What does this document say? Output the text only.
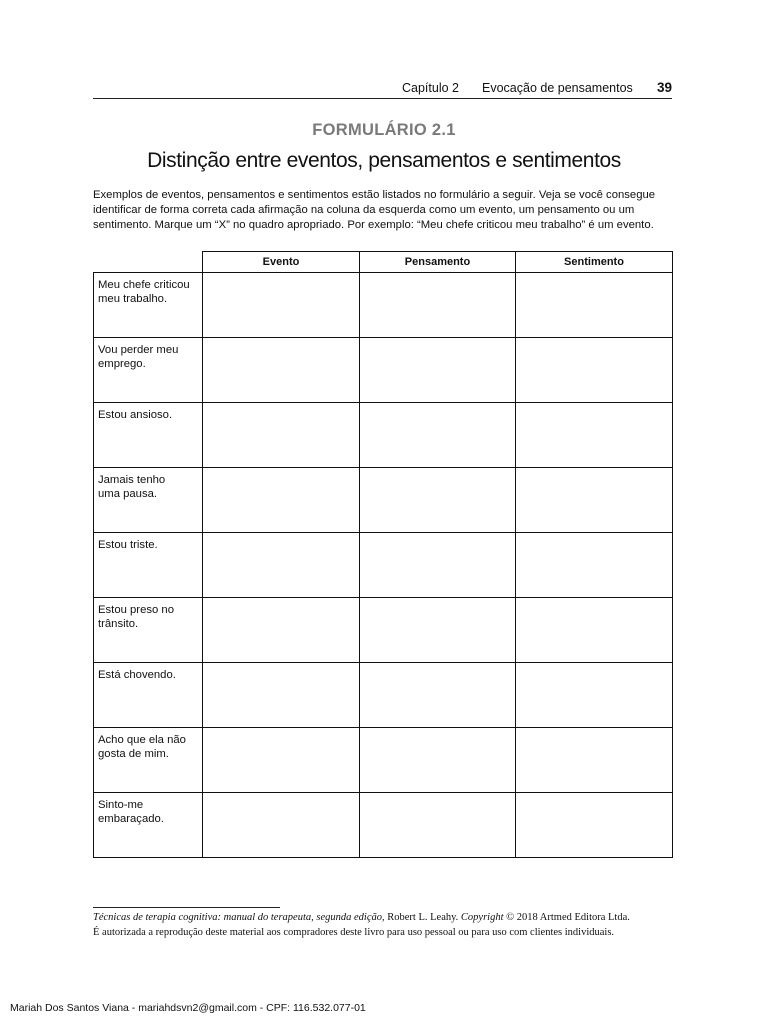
Capítulo 2 Evocação de pensamentos 39
FORMULÁRIO 2.1
Distinção entre eventos, pensamentos e sentimentos
Exemplos de eventos, pensamentos e sentimentos estão listados no formulário a seguir. Veja se você consegue
identificar de forma correta cada afirmação na coluna da esquerda como um evento, um pensamento ou um
sentimento. Marque um “X” no quadro apropriado. Por exemplo: “Meu chefe criticou meu trabalho” é um evento.
	Evento	Pensamento	Sentimento

Meu chefe criticou
meu trabalho.			

Vou perder meu
emprego.			

Estou ansioso.			

Jamais tenho
uma pausa.			

Estou triste.			

Estou preso no
trânsito.			

Está chovendo.			

Acho que ela não
gosta de mim.			

Sinto-me
embaraçado.			

Técnicas de terapia cognitiva: manual do terapeuta, segunda edição, Robert L. Leahy. Copyright © 2018 Artmed Editora Ltda.
É autorizada a reprodução deste material aos compradores deste livro para uso pessoal ou para uso com clientes individuais.
Mariah Dos Santos Viana - mariahdsvn2@gmail.com - CPF: 116.532.077-01
